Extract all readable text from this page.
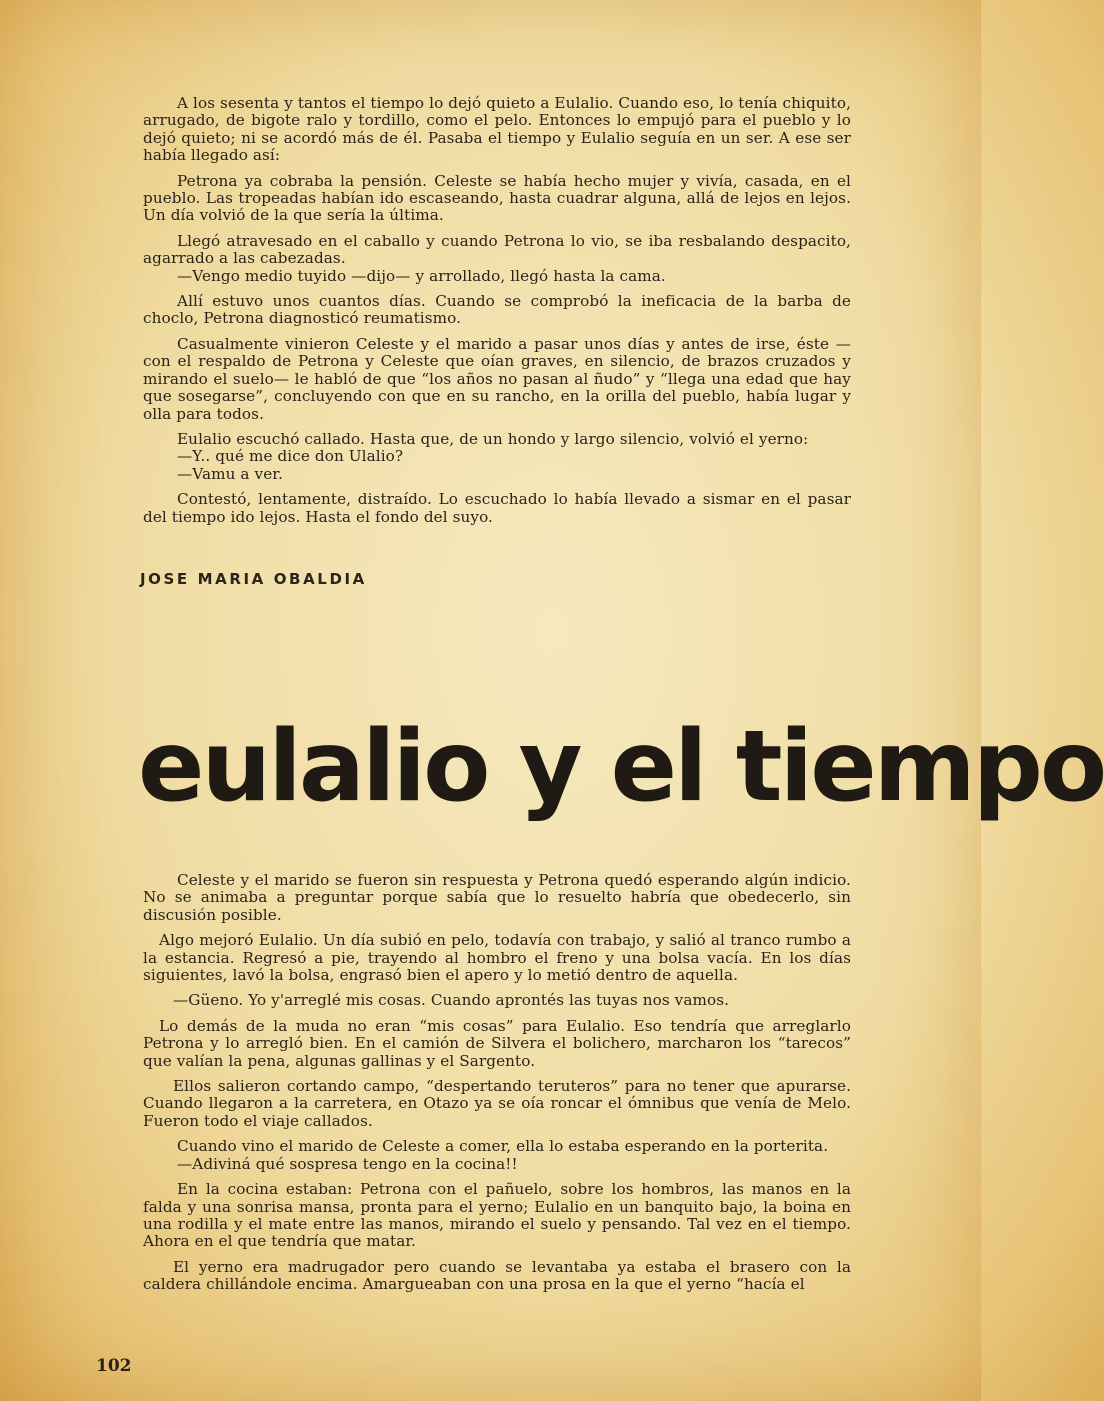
A los sesenta y tantos el tiempo lo dejó quieto a Eulalio. Cuando eso, lo tenía chiquito, arrugado, de bigote ralo y tordillo, como el pelo. Entonces lo empujó para el pueblo y lo dejó quieto; ni se acordó más de él. Pasaba el tiempo y Eulalio seguía en un ser. A ese ser había llegado así:

Petrona ya cobraba la pensión. Celeste se había hecho mujer y vivía, casada, en el pueblo. Las tropeadas habían ido escaseando, hasta cuadrar alguna, allá de lejos en lejos. Un día volvió de la que sería la última.

Llegó atravesado en el caballo y cuando Petrona lo vio, se iba resbalando despacito, agarrado a las cabezadas.
—Vengo medio tuyido —dijo— y arrollado, llegó hasta la cama.

Allí estuvo unos cuantos días. Cuando se comprobó la ineficacia de la barba de choclo, Petrona diagnosticó reumatismo.

Casualmente vinieron Celeste y el marido a pasar unos días y antes de irse, éste —con el respaldo de Petrona y Celeste que oían graves, en silencio, de brazos cruzados y mirando el suelo— le habló de que “los años no pasan al ñudo” y “llega una edad que hay que sosegarse”, concluyendo con que en su rancho, en la orilla del pueblo, había lugar y olla para todos.

Eulalio escuchó callado. Hasta que, de un hondo y largo silencio, volvió el yerno:
—Y.. qué me dice don Ulalio?
—Vamu a ver.

Contestó, lentamente, distraído. Lo escuchado lo había llevado a sismar en el pasar del tiempo ido lejos. Hasta el fondo del suyo.

JOSE MARIA OBALDIA
eulalio y el tiempo

Celeste y el marido se fueron sin respuesta y Petrona quedó esperando algún indicio. No se animaba a preguntar porque sabía que lo resuelto habría que obedecerlo, sin discusión posible.

Algo mejoró Eulalio. Un día subió en pelo, todavía con trabajo, y salió al tranco rumbo a la estancia. Regresó a pie, trayendo al hombro el freno y una bolsa vacía. En los días siguientes, lavó la bolsa, engrasó bien el apero y lo metió dentro de aquella.

—Güeno. Yo y'arreglé mis cosas. Cuando aprontés las tuyas nos vamos.

Lo demás de la muda no eran “mis cosas” para Eulalio. Eso tendría que arreglarlo Petrona y lo arregló bien. En el camión de Silvera el bolichero, marcharon los “tarecos” que valían la pena, algunas gallinas y el Sargento.

Ellos salieron cortando campo, “despertando teruteros” para no tener que apurarse. Cuando llegaron a la carretera, en Otazo ya se oía roncar el ómnibus que venía de Melo. Fueron todo el viaje callados.

Cuando vino el marido de Celeste a comer, ella lo estaba esperando en la porterita.
—Adiviná qué sospresa tengo en la cocina!!

En la cocina estaban: Petrona con el pañuelo, sobre los hombros, las manos en la falda y una sonrisa mansa, pronta para el yerno; Eulalio en un banquito bajo, la boina en una rodilla y el mate entre las manos, mirando el suelo y pensando. Tal vez en el tiempo. Ahora en el que tendría que matar.

El yerno era madrugador pero cuando se levantaba ya estaba el brasero con la caldera chillándole encima. Amargueaban con una prosa en la que el yerno “hacía el

102
